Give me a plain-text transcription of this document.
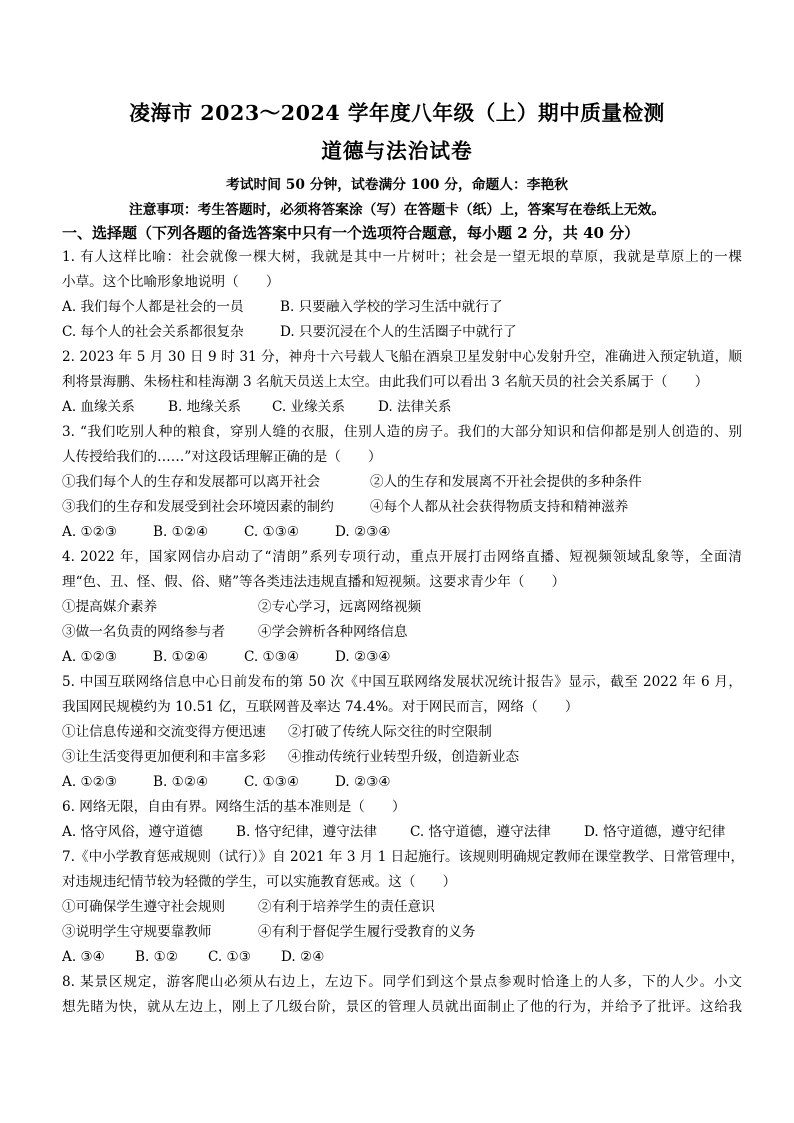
凌海市 2023～2024 学年度八年级（上）期中质量检测
道德与法治试卷
考试时间 50 分钟，试卷满分 100 分，命题人：李艳秋
注意事项：考生答题时，必须将答案涂（写）在答题卡（纸）上，答案写在卷纸上无效。
一、选择题（下列各题的备选答案中只有一个选项符合题意，每小题 2 分，共 40 分）
1. 有人这样比喻：社会就像一棵大树，我就是其中一片树叶；社会是一望无垠的草原，我就是草原上的一棵
小草。这个比喻形象地说明（　　）
A. 我们每个人都是社会的一员	B. 只要融入学校的学习生活中就行了
C. 每个人的社会关系都很复杂	D. 只要沉浸在个人的生活圈子中就行了
2. 2023 年 5 月 30 日 9 时 31 分，神舟十六号载人飞船在酒泉卫星发射中心发射升空，准确进入预定轨道，顺
利将景海鹏、朱杨柱和桂海潮 3 名航天员送上太空。由此我们可以看出 3 名航天员的社会关系属于（　　）
A. 血缘关系 B. 地缘关系 C. 业缘关系 D. 法律关系
3. “我们吃别人种的粮食，穿别人缝的衣服，住别人造的房子。我们的大部分知识和信仰都是别人创造的、别
人传授给我们的……”对这段话理解正确的是（　　）
①我们每个人的生存和发展都可以离开社会	②人的生存和发展离不开社会提供的多种条件
③我们的生存和发展受到社会环境因素的制约	④每个人都从社会获得物质支持和精神滋养
A. ①②③	B. ①②④	C. ①③④	D. ②③④
4. 2022 年，国家网信办启动了“清朗”系列专项行动，重点开展打击网络直播、短视频领域乱象等，全面清
理“色、丑、怪、假、俗、赌”等各类违法违规直播和短视频。这要求青少年（　　）
①提高媒介素养	②专心学习，远离网络视频
③做一名负责的网络参与者 ④学会辨析各种网络信息
A. ①②③	B. ①②④	C. ①③④	D. ②③④
5. 中国互联网络信息中心日前发布的第 50 次《中国互联网络发展状况统计报告》显示，截至 2022 年 6 月，
我国网民规模约为 10.51 亿，互联网普及率达 74.4%。对于网民而言，网络（　　）
①让信息传递和交流变得方便迅速 ②打破了传统人际交往的时空限制
③让生活变得更加便利和丰富多彩 ④推动传统行业转型升级，创造新业态
A. ①②③	B. ①②④	C. ①③④	D. ②③④
6. 网络无限，自由有界。网络生活的基本准则是（　　）
A. 恪守风俗，遵守道德 B. 恪守纪律，遵守法律 C. 恪守道德，遵守法律 D. 恪守道德，遵守纪律
7.《中小学教育惩戒规则（试行）》自 2021 年 3 月 1 日起施行。该规则明确规定教师在课堂教学、日常管理中，
对违规违纪情节较为轻微的学生，可以实施教育惩戒。这（　　）
①可确保学生遵守社会规则 ②有利于培养学生的责任意识
③说明学生守规要靠教师	④有利于督促学生履行受教育的义务
A. ③④ B. ①② C. ①③ D. ②④
8. 某景区规定，游客爬山必须从右边上，左边下。同学们到这个景点参观时恰逢上的人多，下的人少。小文
想先睹为快，就从左边上，刚上了几级台阶，景区的管理人员就出面制止了他的行为，并给予了批评。这给我
